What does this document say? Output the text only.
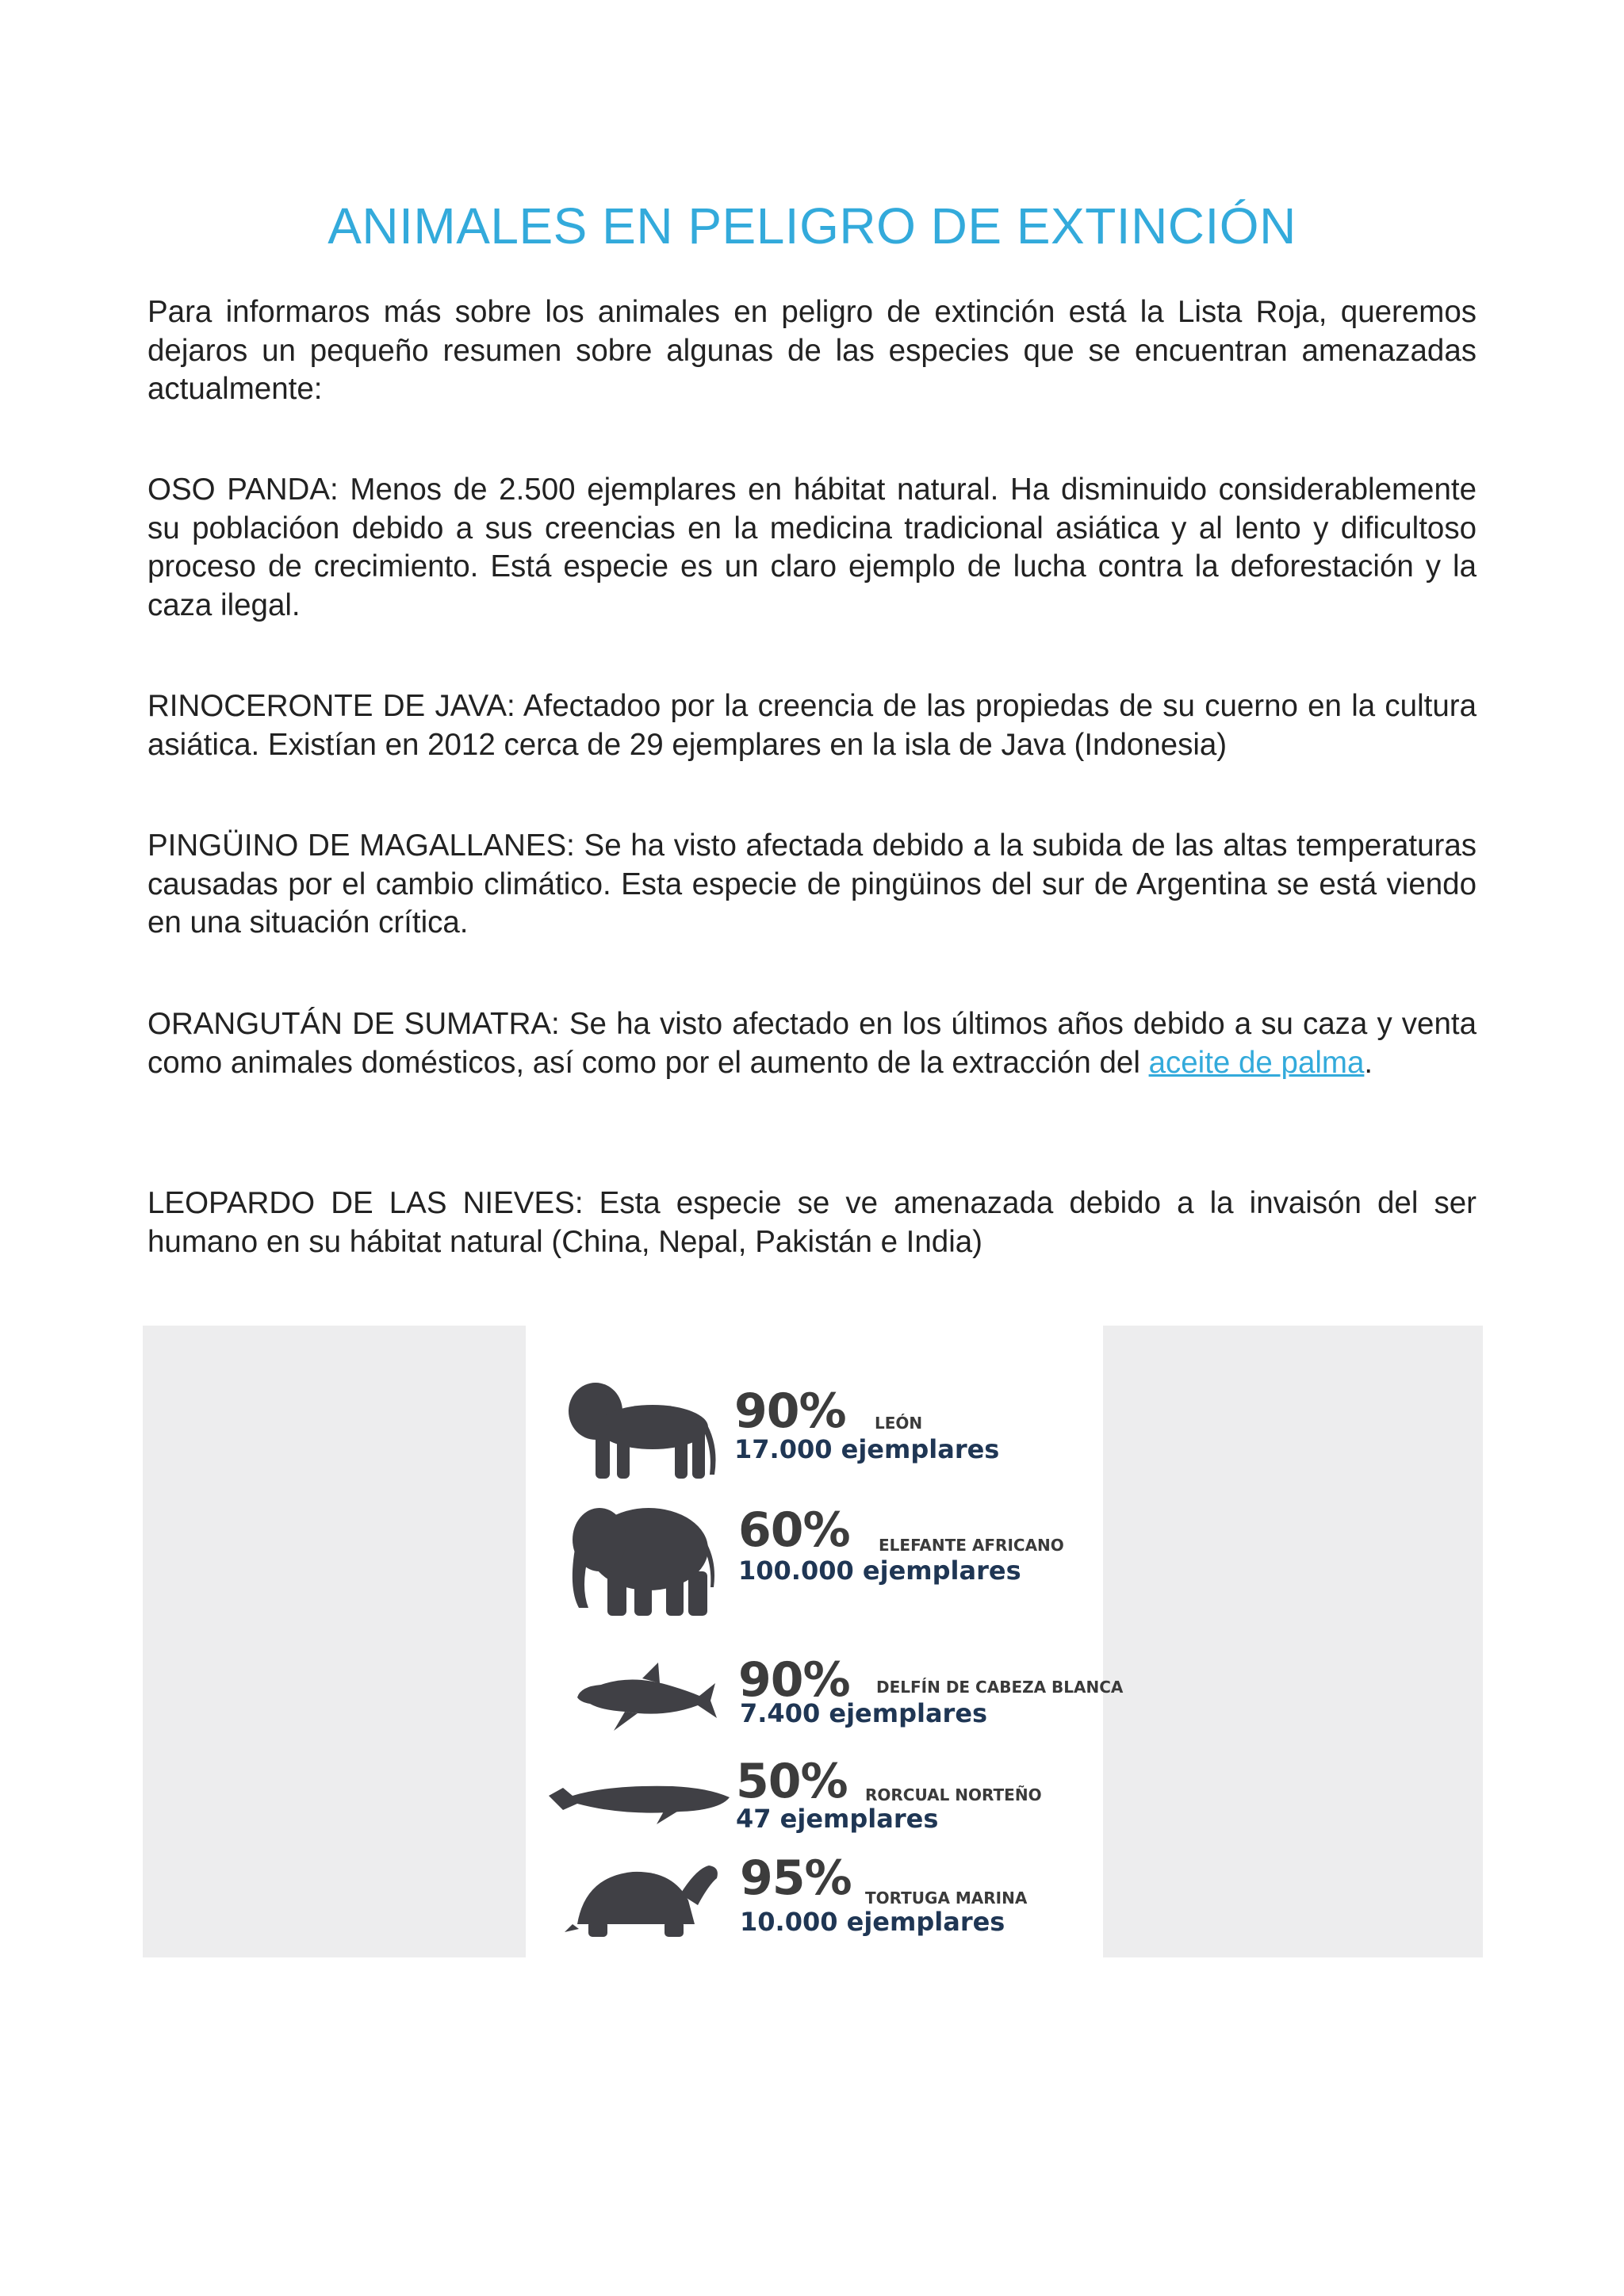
ANIMALES EN PELIGRO DE EXTINCIÓN

Para informaros más sobre los animales en peligro de extinción está la Lista Roja, queremos dejaros un pequeño resumen sobre algunas de las especies que se encuentran amenazadas actualmente:

OSO PANDA: Menos de 2.500 ejemplares en hábitat natural. Ha disminuido considerablemente su poblacióon debido a sus creencias en la medicina tradicional asiática y al lento y dificultoso proceso de crecimiento. Está especie es un claro ejemplo de lucha contra la deforestación y la caza ilegal.

RINOCERONTE DE JAVA: Afectadoo por la creencia de las propiedas de su cuerno en la cultura asiática. Existían en 2012 cerca de 29 ejemplares en la isla de Java (Indonesia)

PINGÜINO DE MAGALLANES: Se ha visto afectada debido a la subida de las altas temperaturas causadas por el cambio climático. Esta especie de pingüinos del sur de Argentina se está viendo en una situación crítica.

ORANGUTÁN DE SUMATRA: Se ha visto afectado en los últimos años debido a su caza y venta como animales domésticos, así como por el aumento de la extracción del aceite de palma.

LEOPARDO DE LAS NIEVES: Esta especie se ve amenazada debido a la invaisón del ser humano en su hábitat natural (China, Nepal, Pakistán e India)

90% LEÓN
17.000 ejemplares
60% ELEFANTE AFRICANO
100.000 ejemplares
90% DELFÍN DE CABEZA BLANCA
7.400 ejemplares
50% RORCUAL NORTEÑO
47 ejemplares
95% TORTUGA MARINA
10.000 ejemplares
